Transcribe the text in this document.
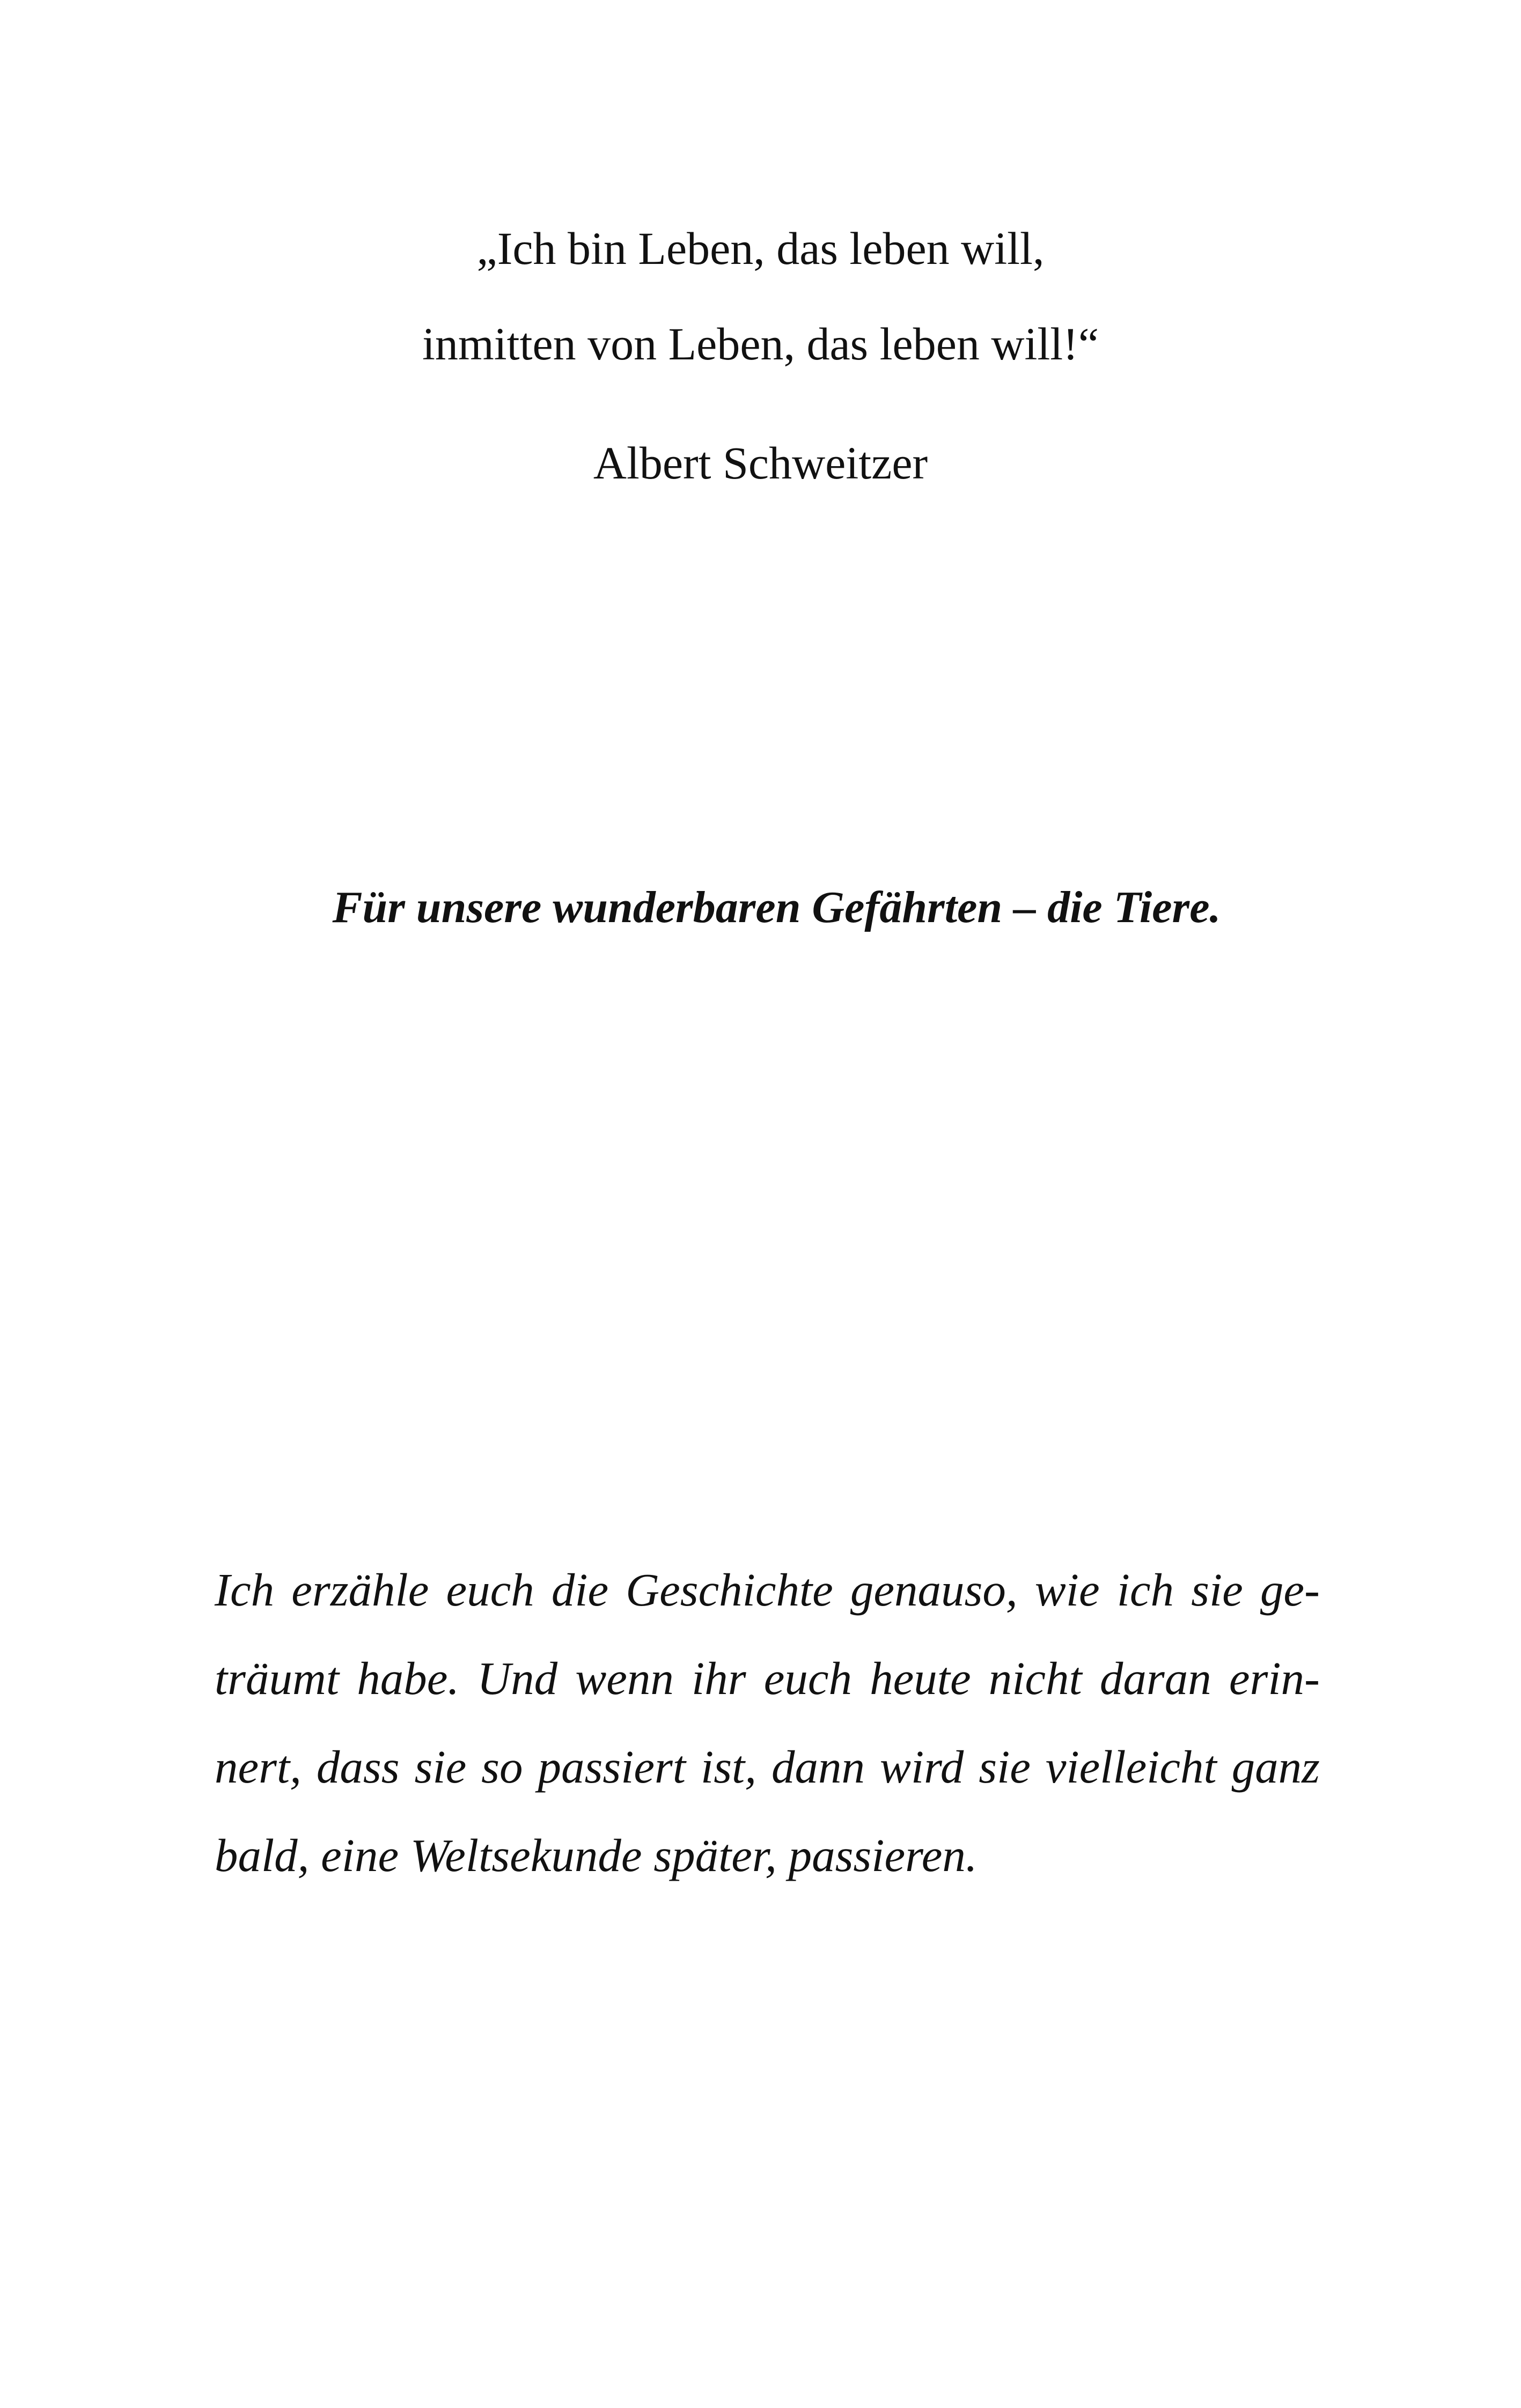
„Ich bin Leben, das leben will,

inmitten von Leben, das leben will!“

Albert Schweitzer

Für unsere wunderbaren Gefährten – die Tiere.

Ich erzähle euch die Geschichte genauso, wie ich sie ge-
träumt habe. Und wenn ihr euch heute nicht daran erin-
nert, dass sie so passiert ist, dann wird sie vielleicht ganz
bald, eine Weltsekunde später, passieren.
